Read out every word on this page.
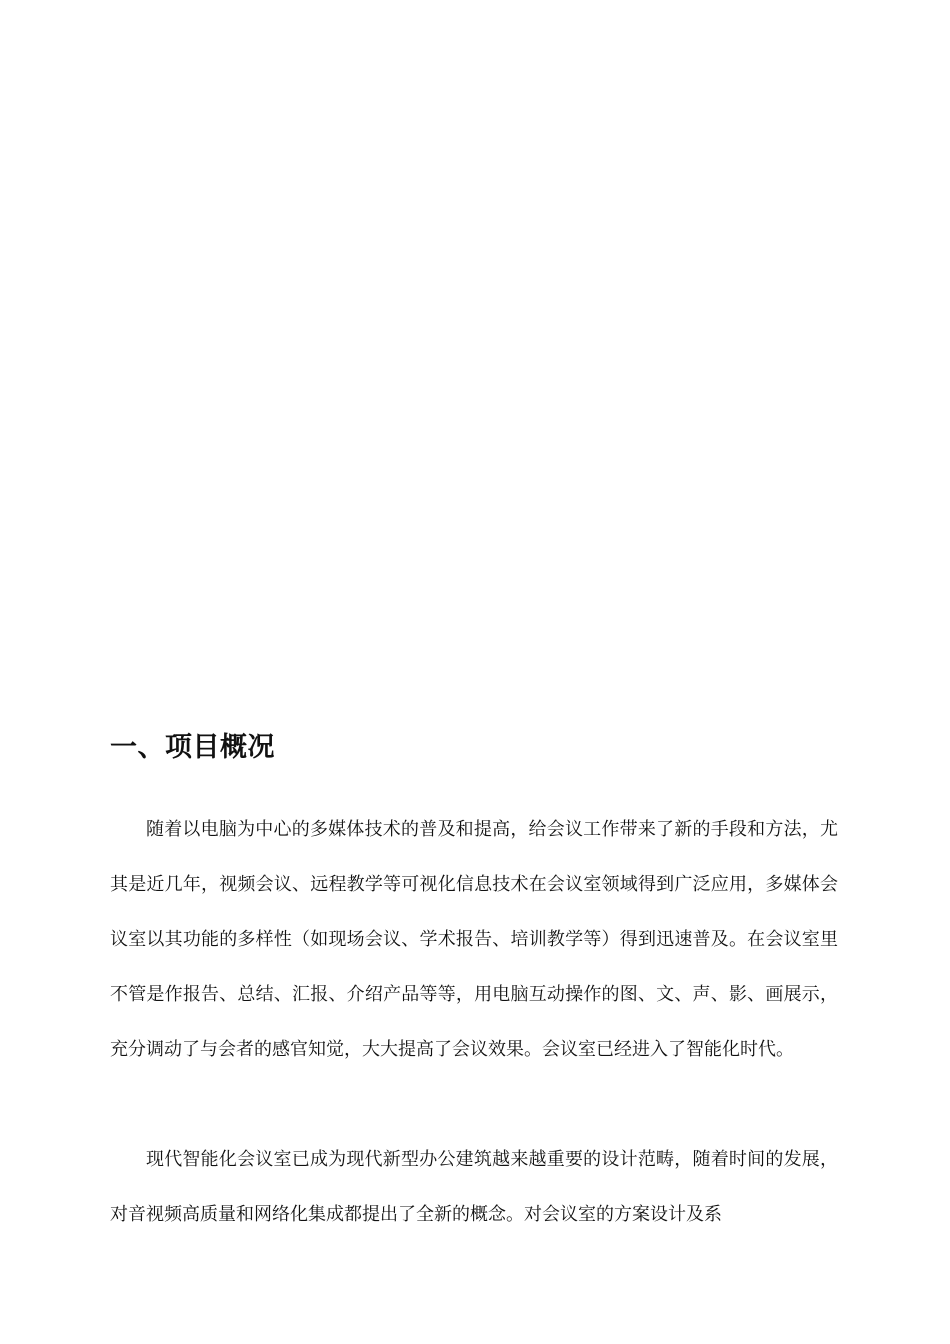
一、项目概况

随着以电脑为中心的多媒体技术的普及和提高，给会议工作带来了新的手段和方法，尤其是近几年，视频会议、远程教学等可视化信息技术在会议室领域得到广泛应用，多媒体会议室以其功能的多样性（如现场会议、学术报告、培训教学等）得到迅速普及。在会议室里不管是作报告、总结、汇报、介绍产品等等，用电脑互动操作的图、文、声、影、画展示，充分调动了与会者的感官知觉，大大提高了会议效果。会议室已经进入了智能化时代。

现代智能化会议室已成为现代新型办公建筑越来越重要的设计范畴，随着时间的发展，对音视频高质量和网络化集成都提出了全新的概念。对会议室的方案设计及系
